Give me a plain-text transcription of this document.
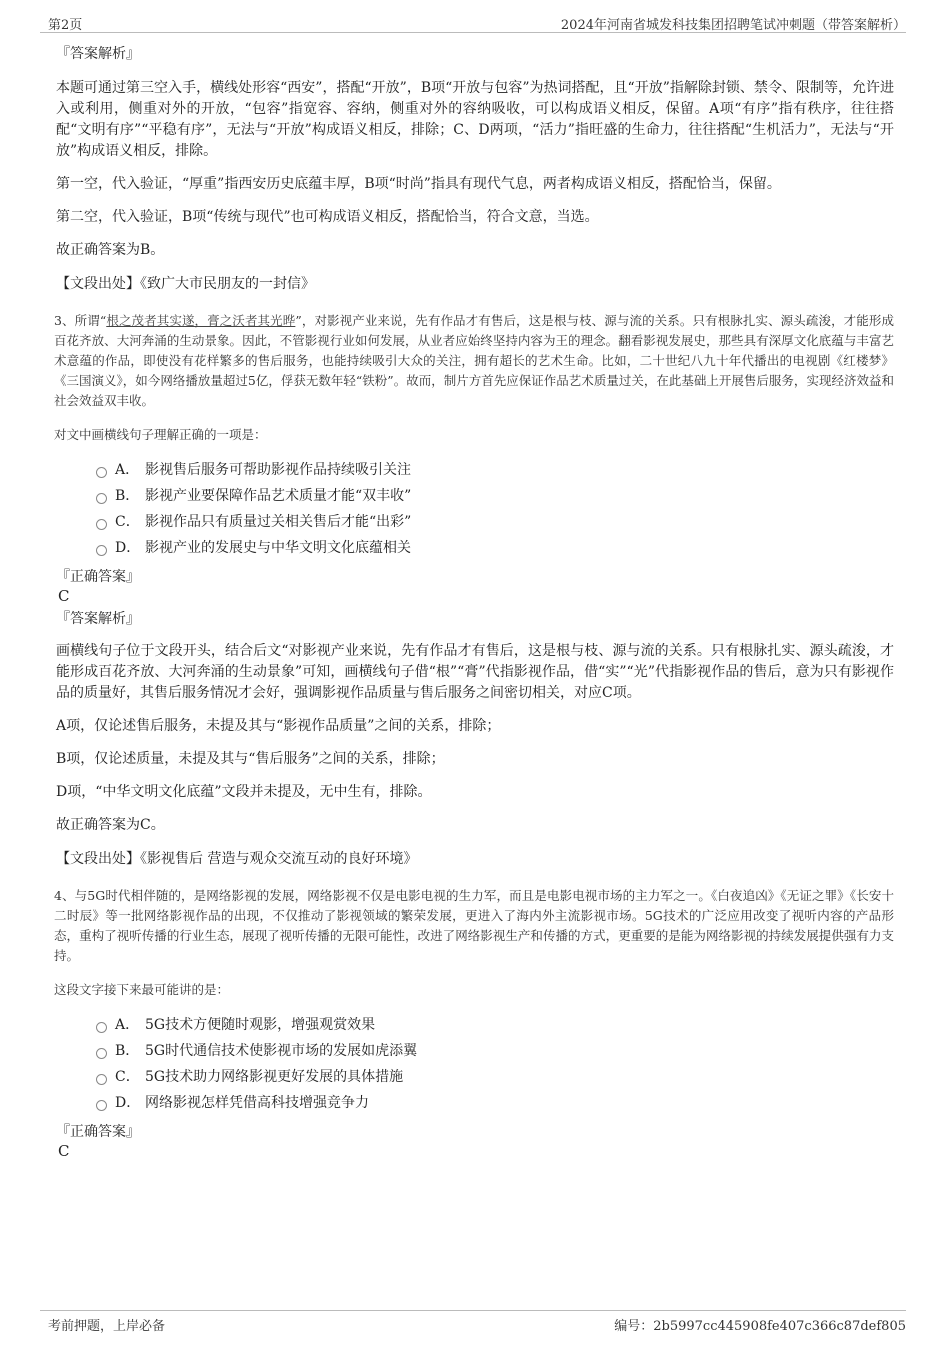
第2页	2024年河南省城发科技集团招聘笔试冲刺题（带答案解析）
『答案解析』

本题可通过第三空入手，横线处形容“西安”，搭配“开放”，B项“开放与包容”为热词搭配，且“开放”指解除封锁、禁令、限制等，允许进入或利用，侧重对外的开放，“包容”指宽容、容纳，侧重对外的容纳吸收，可以构成语义相反，保留。A项“有序”指有秩序，往往搭配“文明有序”“平稳有序”，无法与“开放”构成语义相反，排除；C、D两项，“活力”指旺盛的生命力，往往搭配“生机活力”，无法与“开放”构成语义相反，排除。

第一空，代入验证，“厚重”指西安历史底蕴丰厚，B项“时尚”指具有现代气息，两者构成语义相反，搭配恰当，保留。

第二空，代入验证，B项“传统与现代”也可构成语义相反，搭配恰当，符合文意，当选。

故正确答案为B。

【文段出处】《致广大市民朋友的一封信》

3、所谓“根之茂者其实遂，膏之沃者其光晔”，对影视产业来说，先有作品才有售后，这是根与枝、源与流的关系。只有根脉扎实、源头疏浚，才能形成百花齐放、大河奔涌的生动景象。因此，不管影视行业如何发展，从业者应始终坚持内容为王的理念。翻看影视发展史，那些具有深厚文化底蕴与丰富艺术意蕴的作品，即使没有花样繁多的售后服务，也能持续吸引大众的关注，拥有超长的艺术生命。比如，二十世纪八九十年代播出的电视剧《红楼梦》《三国演义》，如今网络播放量超过5亿，俘获无数年轻“铁粉”。故而，制片方首先应保证作品艺术质量过关，在此基础上开展售后服务，实现经济效益和社会效益双丰收。

对文中画横线句子理解正确的一项是：
A． 影视售后服务可帮助影视作品持续吸引关注
B． 影视产业要保障作品艺术质量才能“双丰收”
C． 影视作品只有质量过关相关售后才能“出彩”
D． 影视产业的发展史与中华文明文化底蕴相关
『正确答案』
C
『答案解析』

画横线句子位于文段开头，结合后文“对影视产业来说，先有作品才有售后，这是根与枝、源与流的关系。只有根脉扎实、源头疏浚，才能形成百花齐放、大河奔涌的生动景象”可知，画横线句子借“根”“膏”代指影视作品，借“实”“光”代指影视作品的售后，意为只有影视作品的质量好，其售后服务情况才会好，强调影视作品质量与售后服务之间密切相关，对应C项。

A项，仅论述售后服务，未提及其与“影视作品质量”之间的关系，排除；

B项，仅论述质量，未提及其与“售后服务”之间的关系，排除；

D项，“中华文明文化底蕴”文段并未提及，无中生有，排除。

故正确答案为C。

【文段出处】《影视售后 营造与观众交流互动的良好环境》

4、与5G时代相伴随的，是网络影视的发展，网络影视不仅是电影电视的生力军，而且是电影电视市场的主力军之一。《白夜追凶》《无证之罪》《长安十二时辰》等一批网络影视作品的出现，不仅推动了影视领域的繁荣发展，更进入了海内外主流影视市场。5G技术的广泛应用改变了视听内容的产品形态，重构了视听传播的行业生态，展现了视听传播的无限可能性，改进了网络影视生产和传播的方式，更重要的是能为网络影视的持续发展提供强有力支持。

这段文字接下来最可能讲的是：
A． 5G技术方便随时观影，增强观赏效果
B． 5G时代通信技术使影视市场的发展如虎添翼
C． 5G技术助力网络影视更好发展的具体措施
D． 网络影视怎样凭借高科技增强竞争力
『正确答案』
C
考前押题，上岸必备	编号：2b5997cc445908fe407c366c87def805
